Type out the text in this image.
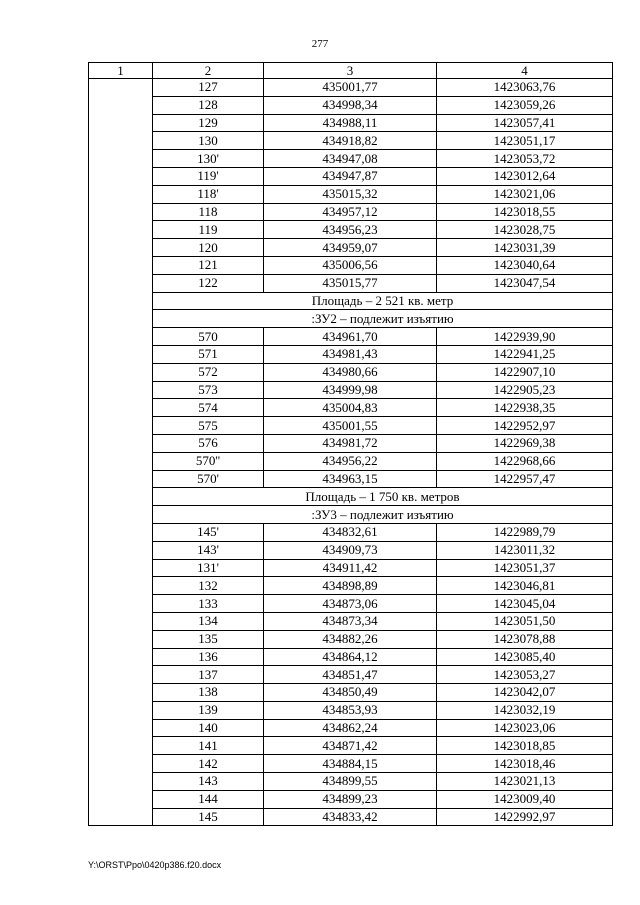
277
1	2	3	4
	127	435001,77	1423063,76
	128	434998,34	1423059,26
	129	434988,11	1423057,41
	130	434918,82	1423051,17
	130'	434947,08	1423053,72
	119'	434947,87	1423012,64
	118'	435015,32	1423021,06
	118	434957,12	1423018,55
	119	434956,23	1423028,75
	120	434959,07	1423031,39
	121	435006,56	1423040,64
	122	435015,77	1423047,54
	Площадь – 2 521 кв. метр		
	:ЗУ2 – подлежит изъятию		
	570	434961,70	1422939,90
	571	434981,43	1422941,25
	572	434980,66	1422907,10
	573	434999,98	1422905,23
	574	435004,83	1422938,35
	575	435001,55	1422952,97
	576	434981,72	1422969,38
	570''	434956,22	1422968,66
	570'	434963,15	1422957,47
	Площадь – 1 750 кв. метров		
	:ЗУ3 – подлежит изъятию		
	145'	434832,61	1422989,79
	143'	434909,73	1423011,32
	131'	434911,42	1423051,37
	132	434898,89	1423046,81
	133	434873,06	1423045,04
	134	434873,34	1423051,50
	135	434882,26	1423078,88
	136	434864,12	1423085,40
	137	434851,47	1423053,27
	138	434850,49	1423042,07
	139	434853,93	1423032,19
	140	434862,24	1423023,06
	141	434871,42	1423018,85
	142	434884,15	1423018,46
	143	434899,55	1423021,13
	144	434899,23	1423009,40
	145	434833,42	1422992,97
Y:\ORST\Ppo\0420p386.f20.docx
